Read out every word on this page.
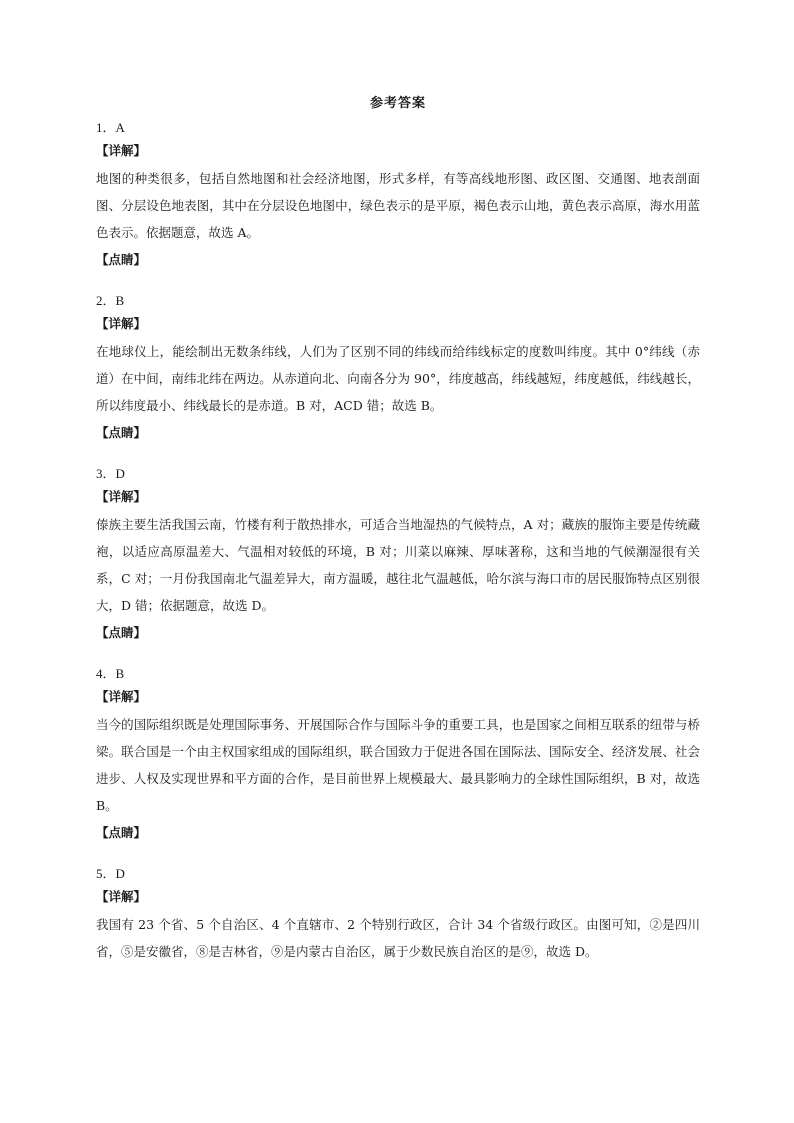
参考答案

1．A

【详解】

地图的种类很多，包括自然地图和社会经济地图，形式多样，有等高线地形图、政区图、交通图、地表剖面图、分层设色地表图，其中在分层设色地图中，绿色表示的是平原，褐色表示山地，黄色表示高原，海水用蓝色表示。依据题意，故选 A。

【点睛】

2．B

【详解】

在地球仪上，能绘制出无数条纬线，人们为了区别不同的纬线而给纬线标定的度数叫纬度。其中 0°纬线（赤道）在中间，南纬北纬在两边。从赤道向北、向南各分为 90°，纬度越高，纬线越短，纬度越低，纬线越长，所以纬度最小、纬线最长的是赤道。B 对，ACD 错；故选 B。

【点睛】

3．D

【详解】

傣族主要生活我国云南，竹楼有利于散热排水，可适合当地湿热的气候特点，A 对；藏族的服饰主要是传统藏袍，以适应高原温差大、气温相对较低的环境，B 对；川菜以麻辣、厚味著称，这和当地的气候潮湿很有关系，C 对；一月份我国南北气温差异大，南方温暖，越往北气温越低，哈尔滨与海口市的居民服饰特点区别很大，D 错；依据题意，故选 D。

【点睛】

4．B

【详解】

当今的国际组织既是处理国际事务、开展国际合作与国际斗争的重要工具，也是国家之间相互联系的纽带与桥梁。联合国是一个由主权国家组成的国际组织，联合国致力于促进各国在国际法、国际安全、经济发展、社会进步、人权及实现世界和平方面的合作，是目前世界上规模最大、最具影响力的全球性国际组织，B 对，故选 B。

【点睛】

5．D

【详解】

我国有 23 个省、5 个自治区、4 个直辖市、2 个特别行政区，合计 34 个省级行政区。由图可知，②是四川省，⑤是安徽省，⑧是吉林省，⑨是内蒙古自治区，属于少数民族自治区的是⑨，故选 D。
